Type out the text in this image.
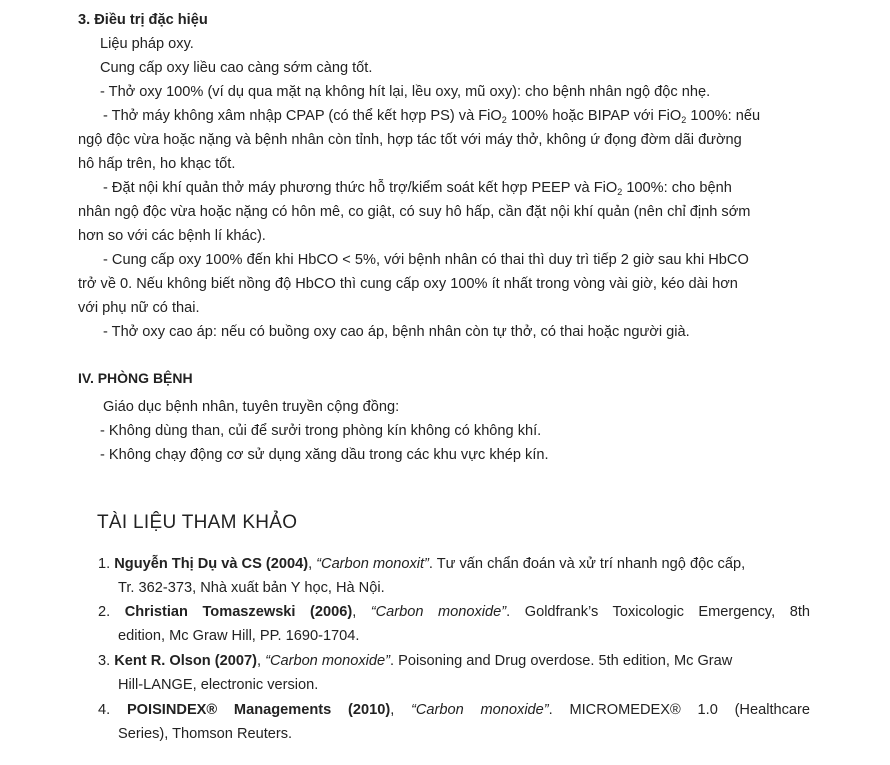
3. Điều trị đặc hiệu
Liệu pháp oxy.
Cung cấp oxy liều cao càng sớm càng tốt.
- Thở oxy 100% (ví dụ qua mặt nạ không hít lại, lều oxy, mũ oxy): cho bệnh nhân ngộ độc nhẹ.
- Thở máy không xâm nhập CPAP (có thể kết hợp PS) và FiO$_2$ 100% hoặc BIPAP với FiO$_2$ 100%: nếu
ngộ độc vừa hoặc nặng và bệnh nhân còn tỉnh, hợp tác tốt với máy thở, không ứ đọng đờm dãi đường
hô hấp trên, ho khạc tốt.
- Đặt nội khí quản thở máy phương thức hỗ trợ/kiểm soát kết hợp PEEP và FiO$_2$ 100%: cho bệnh
nhân ngộ độc vừa hoặc nặng có hôn mê, co giật, có suy hô hấp, cần đặt nội khí quản (nên chỉ định sớm
hơn so với các bệnh lí khác).
- Cung cấp oxy 100% đến khi HbCO < 5%, với bệnh nhân có thai thì duy trì tiếp 2 giờ sau khi HbCO
trở về 0. Nếu không biết nồng độ HbCO thì cung cấp oxy 100% ít nhất trong vòng vài giờ, kéo dài hơn
với phụ nữ có thai.
- Thở oxy cao áp: nếu có buồng oxy cao áp, bệnh nhân còn tự thở, có thai hoặc người già.
IV. PHÒNG BỆNH
Giáo dục bệnh nhân, tuyên truyền cộng đồng:
- Không dùng than, củi để sưởi trong phòng kín không có không khí.
- Không chạy động cơ sử dụng xăng dầu trong các khu vực khép kín.
TÀI LIỆU THAM KHẢO
1. Nguyễn Thị Dụ và CS (2004), “Carbon monoxit”. Tư vấn chẩn đoán và xử trí nhanh ngộ độc cấp,
Tr. 362-373, Nhà xuất bản Y học, Hà Nội.
2. Christian Tomaszewski (2006), “Carbon monoxide”. Goldfrank’s Toxicologic Emergency, 8th
edition, Mc Graw Hill, PP. 1690-1704.
3. Kent R. Olson (2007), “Carbon monoxide”. Poisoning and Drug overdose. 5th edition, Mc Graw
Hill-LANGE, electronic version.
4. POISINDEX® Managements (2010), “Carbon monoxide”. MICROMEDEX® 1.0 (Healthcare
Series), Thomson Reuters.
